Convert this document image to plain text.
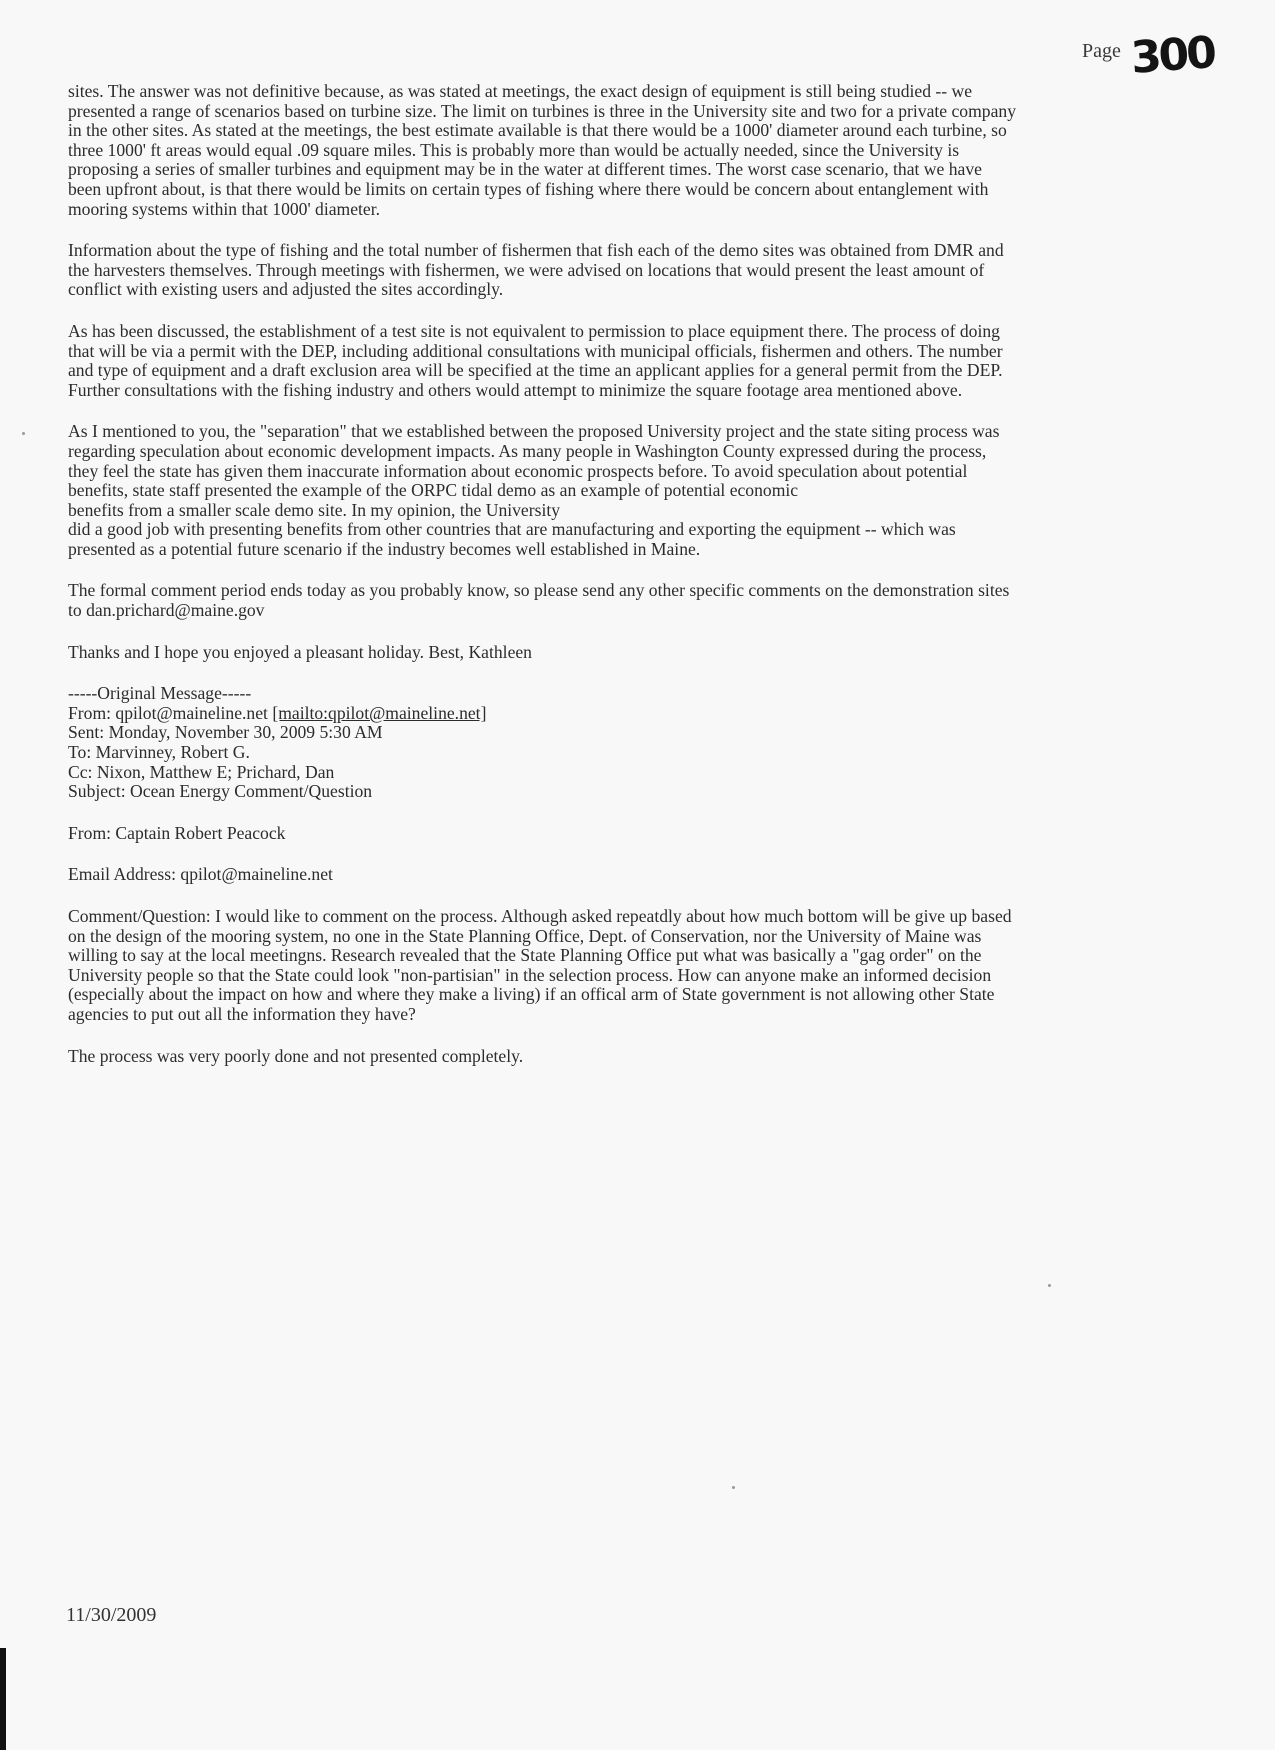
Page 300

sites. The answer was not definitive because, as was stated at meetings, the exact design of equipment is still being studied -- we
presented a range of scenarios based on turbine size. The limit on turbines is three in the University site and two for a private company
in the other sites. As stated at the meetings, the best estimate available is that there would be a 1000' diameter around each turbine, so
three 1000' ft areas would equal .09 square miles. This is probably more than would be actually needed, since the University is
proposing a series of smaller turbines and equipment may be in the water at different times. The worst case scenario, that we have
been upfront about, is that there would be limits on certain types of fishing where there would be concern about entanglement with
mooring systems within that 1000' diameter.

Information about the type of fishing and the total number of fishermen that fish each of the demo sites was obtained from DMR and
the harvesters themselves. Through meetings with fishermen, we were advised on locations that would present the least amount of
conflict with existing users and adjusted the sites accordingly.

As has been discussed, the establishment of a test site is not equivalent to permission to place equipment there. The process of doing
that will be via a permit with the DEP, including additional consultations with municipal officials, fishermen and others. The number
and type of equipment and a draft exclusion area will be specified at the time an applicant applies for a general permit from the DEP.
Further consultations with the fishing industry and others would attempt to minimize the square footage area mentioned above.

As I mentioned to you, the "separation" that we established between the proposed University project and the state siting process was
regarding speculation about economic development impacts. As many people in Washington County expressed during the process,
they feel the state has given them inaccurate information about economic prospects before. To avoid speculation about potential
benefits, state staff presented the example of the ORPC tidal demo as an example of potential economic
benefits from a smaller scale demo site. In my opinion, the University
did a good job with presenting benefits from other countries that are manufacturing and exporting the equipment -- which was
presented as a potential future scenario if the industry becomes well established in Maine.

The formal comment period ends today as you probably know, so please send any other specific comments on the demonstration sites
to dan.prichard@maine.gov

Thanks and I hope you enjoyed a pleasant holiday. Best, Kathleen

-----Original Message-----
From: qpilot@maineline.net [mailto:qpilot@maineline.net]
Sent: Monday, November 30, 2009 5:30 AM
To: Marvinney, Robert G.
Cc: Nixon, Matthew E; Prichard, Dan
Subject: Ocean Energy Comment/Question

From: Captain Robert Peacock

Email Address: qpilot@maineline.net

Comment/Question: I would like to comment on the process. Although asked repeatdly about how much bottom will be give up based
on the design of the mooring system, no one in the State Planning Office, Dept. of Conservation, nor the University of Maine was
willing to say at the local meetingns. Research revealed that the State Planning Office put what was basically a "gag order" on the
University people so that the State could look "non-partisian" in the selection process. How can anyone make an informed decision
(especially about the impact on how and where they make a living) if an offical arm of State government is not allowing other State
agencies to put out all the information they have?

The process was very poorly done and not presented completely.

11/30/2009
